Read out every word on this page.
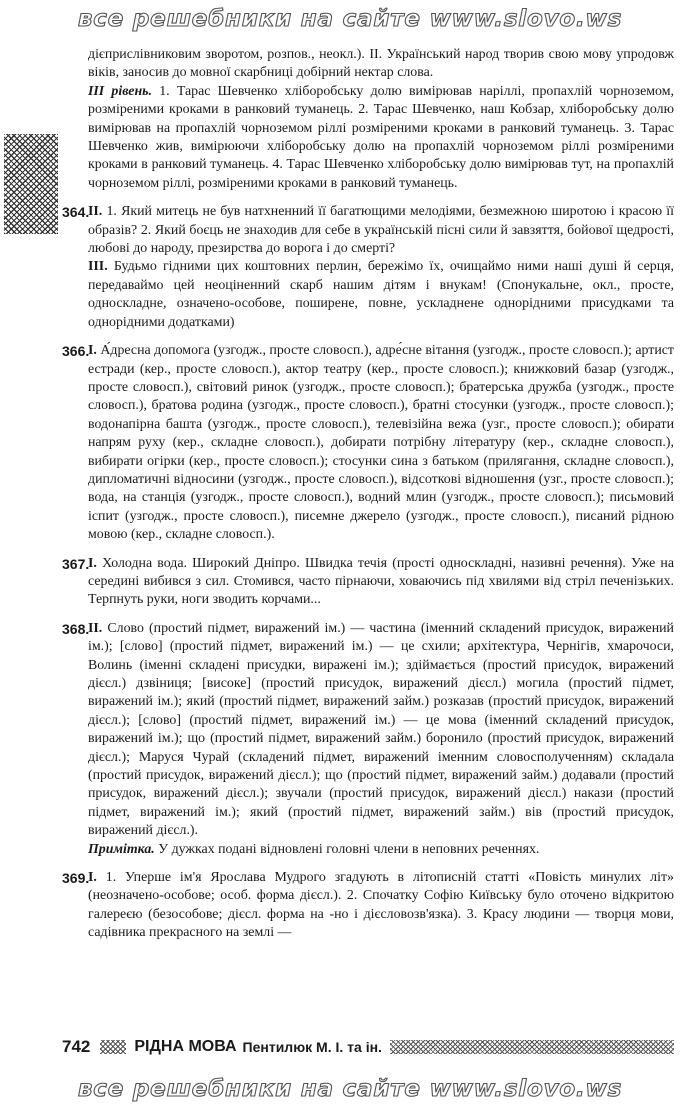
все решебники на сайте www.slovo.ws

дієприслівниковим зворотом, розпов., неокл.). ІІ. Український народ творив свою мову упродовж віків, заносив до мовної скарбниці добірний нектар слова.

ІІІ рівень. 1. Тарас Шевченко хліборобську долю вимірював наріллі, пропахлій чорноземом, розміреними кроками в ранковий туманець. 2. Тарас Шевченко, наш Кобзар, хліборобську долю вимірював на пропахлій чорноземом ріллі розміреними кроками в ранковий туманець. 3. Тарас Шевченко жив, вимірюючи хліборобську долю на пропахлій чорноземом ріллі розміреними кроками в ранковий туманець. 4. Тарас Шевченко хліборобську долю вимірював тут, на пропахлій чорноземом ріллі, розміреними кроками в ранковий туманець.

364.
ІІ. 1. Який митець не був натхненний її багатющими мелодіями, безмежною широтою і красою її образів? 2. Який боєць не знаходив для себе в українській пісні сили й завзяття, бойової щедрості, любові до народу, презирства до ворога і до смерті?

ІІІ. Будьмо гідними цих коштовних перлин, бережімо їх, очищаймо ними наші душі й серця, передаваймо цей неоціненний скарб нашим дітям і внукам! (Спонукальне, окл., просте, односкладне, означено-особове, поширене, повне, ускладнене однорідними присудками та однорідними додатками)

366.
І. А́дресна допомога (узгодж., просте словосп.), адре́сне вітання (узгодж., просте словосп.); артист естради (кер., просте словосп.), актор театру (кер., просте словосп.); книжковий базар (узгодж., просте словосп.), світовий ринок (узгодж., просте словосп.); братерська дружба (узгодж., просте словосп.), братова родина (узгодж., просте словосп.), братні стосунки (узгодж., просте словосп.); водонапірна башта (узгодж., просте словосп.), телевізійна вежа (узг., просте словосп.); обирати напрям руху (кер., складне словосп.), добирати потрібну літературу (кер., складне словосп.), вибирати огірки (кер., просте словосп.); стосунки сина з батьком (прилягання, складне словосп.), дипломатичні відносини (узгодж., просте словосп.), відсоткові відношення (узг., просте словосп.); вода, на станція (узгодж., просте словосп.), водний млин (узгодж., просте словосп.); письмовий іспит (узгодж., просте словосп.), писемне джерело (узгодж., просте словосп.), писаний рідною мовою (кер., складне словосп.).

367.
І. Холодна вода. Широкий Дніпро. Швидка течія (прості односкладні, називні речення). Уже на середині вибився з сил. Стомився, часто пірнаючи, ховаючись під хвилями від стріл печенізьких. Терпнуть руки, ноги зводить корчами...

368.
ІІ. Слово (простий підмет, виражений ім.) — частина (іменний складений присудок, виражений ім.); [слово] (простий підмет, виражений ім.) — це схили; архітектура, Чернігів, хмарочоси, Волинь (іменні складені присудки, виражені ім.); здіймається (простий присудок, виражений дієсл.) дзвіниця; [високе] (простий присудок, виражений дієсл.) могила (простий підмет, виражений ім.); який (простий підмет, виражений займ.) розказав (простий присудок, виражений дієсл.); [слово] (простий підмет, виражений ім.) — це мова (іменний складений присудок, виражений ім.); що (простий підмет, виражений займ.) боронило (простий присудок, виражений дієсл.); Маруся Чурай (складений підмет, виражений іменним словосполученням) складала (простий присудок, виражений дієсл.); що (простий підмет, виражений займ.) додавали (простий присудок, виражений дієсл.); звучали (простий присудок, виражений дієсл.) накази (простий підмет, виражений ім.); який (простий підмет, виражений займ.) вів (простий присудок, виражений дієсл.).

Примітка. У дужках подані відновлені головні члени в неповних реченнях.

369.
І. 1. Уперше ім'я Ярослава Мудрого згадують в літописній статті «Повість минулих літ» (неозначено-особове; особ. форма дієсл.). 2. Спочатку Софію Київську було оточено відкритою галереєю (безособове; дієсл. форма на -но і дієсловозв'язка). 3. Красу людини — творця мови, садівника прекрасного на землі —

742	РІДНА МОВА Пентилюк М. І. та ін.
все решебники на сайте www.slovo.ws
